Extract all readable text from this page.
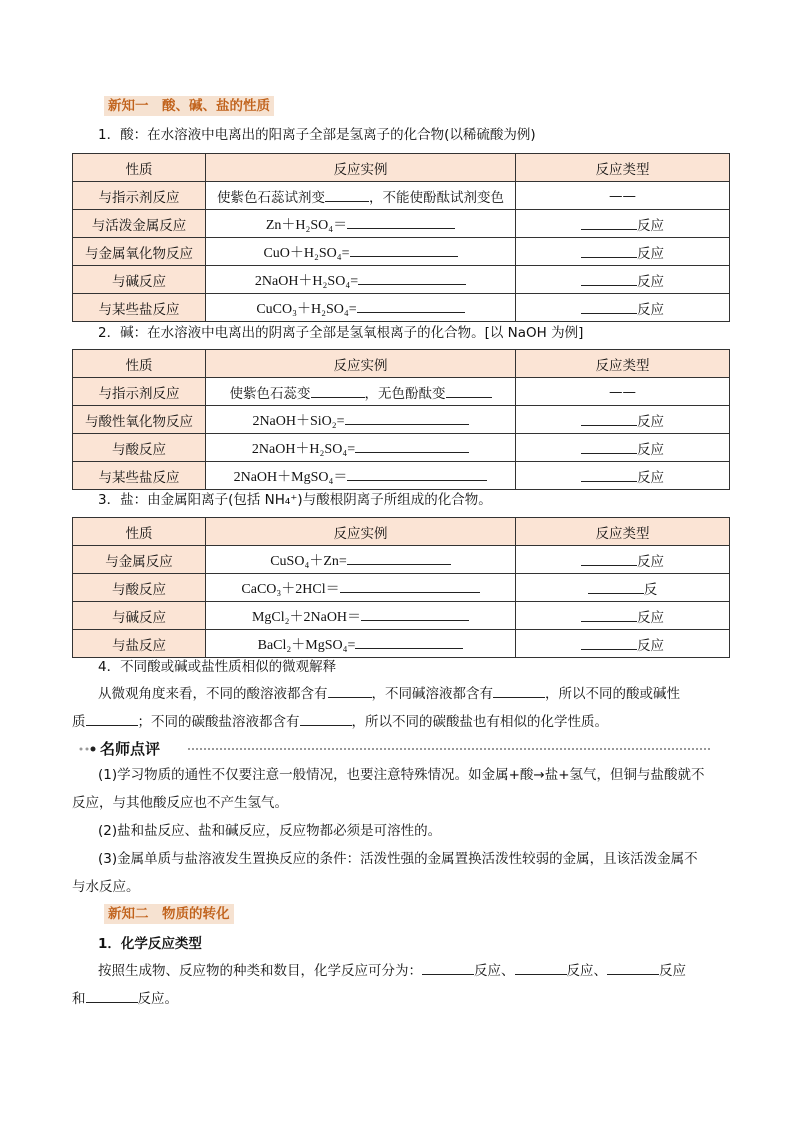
新知一　酸、碱、盐的性质
1．酸：在水溶液中电离出的阳离子全部是氢离子的化合物(以稀硫酸为例)
性质	反应实例	反应类型
与指示剂反应	使紫色石蕊试剂变 ，不能使酚酞试剂变色	——
与活泼金属反应	Zn＋H₂SO₄＝	反应
与金属氧化物反应	CuO＋H₂SO₄=	反应
与碱反应	2NaOH＋H₂SO₄=	反应
与某些盐反应	CuCO₃＋H₂SO₄=	反应
2．碱：在水溶液中电离出的阴离子全部是氢氧根离子的化合物。[以 NaOH 为例]
性质	反应实例	反应类型
与指示剂反应	使紫色石蕊变 ，无色酚酞变	——
与酸性氧化物反应	2NaOH＋SiO₂=	反应
与酸反应	2NaOH＋H₂SO₄=	反应
与某些盐反应	2NaOH＋MgSO₄＝	反应
3．盐：由金属阳离子(包括 NH₄⁺)与酸根阴离子所组成的化合物。
性质	反应实例	反应类型
与金属反应	CuSO₄＋Zn=	反应
与酸反应	CaCO₃＋2HCl＝	反
与碱反应	MgCl₂＋2NaOH＝	反应
与盐反应	BaCl₂＋MgSO₄=	反应
4．不同酸或碱或盐性质相似的微观解释
从微观角度来看，不同的酸溶液都含有	，不同碱溶液都含有	，所以不同的酸或碱性
质	；不同的碳酸盐溶液都含有	，所以不同的碳酸盐也有相似的化学性质。
名师点评
(1)学习物质的通性不仅要注意一般情况，也要注意特殊情况。如金属+酸→盐+氢气，但铜与盐酸就不
反应，与其他酸反应也不产生氢气。
(2)盐和盐反应、盐和碱反应，反应物都必须是可溶性的。
(3)金属单质与盐溶液发生置换反应的条件：活泼性强的金属置换活泼性较弱的金属，且该活泼金属不
与水反应。
新知二　物质的转化
1．化学反应类型
按照生成物、反应物的种类和数目，化学反应可分为：	反应、	反应、	反应
和	反应。
